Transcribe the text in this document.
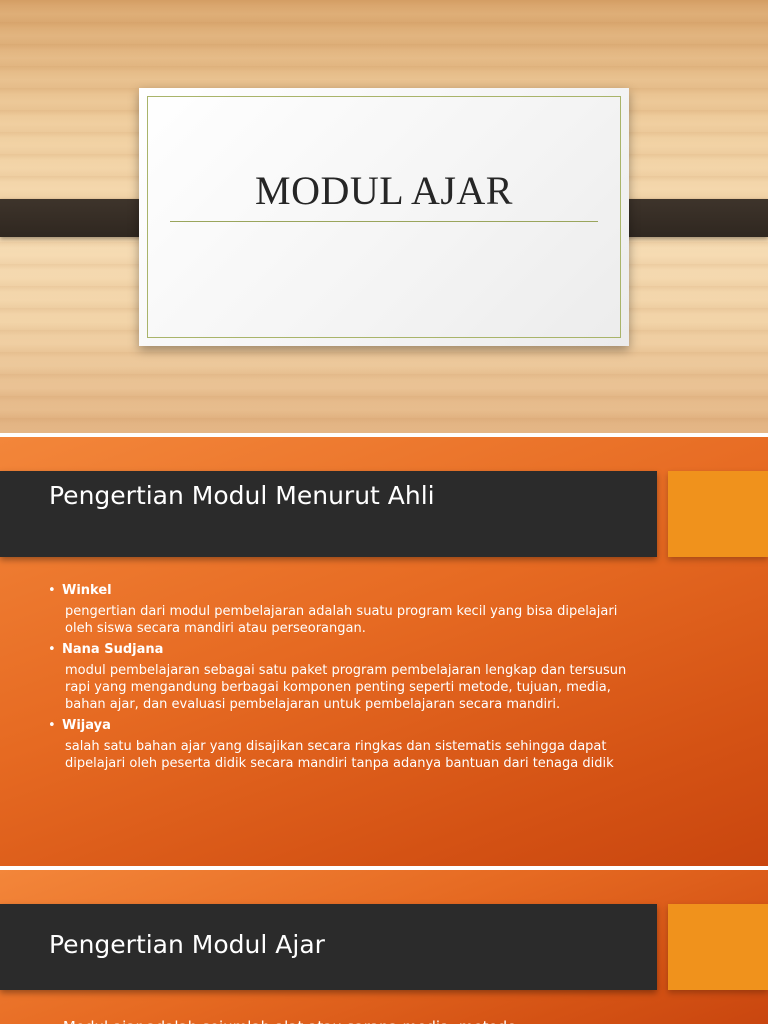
MODUL AJAR
Pengertian Modul Menurut Ahli
• Winkel
pengertian dari modul pembelajaran adalah suatu program kecil yang bisa dipelajari oleh siswa secara mandiri atau perseorangan.
• Nana Sudjana
modul pembelajaran sebagai satu paket program pembelajaran lengkap dan tersusun rapi yang mengandung berbagai komponen penting seperti metode, tujuan, media, bahan ajar, dan evaluasi pembelajaran untuk pembelajaran secara mandiri.
• Wijaya
salah satu bahan ajar yang disajikan secara ringkas dan sistematis sehingga dapat dipelajari oleh peserta didik secara mandiri tanpa adanya bantuan dari tenaga didik
Pengertian Modul Ajar
• Modul ajar adalah sejumlah alat atau sarana media, metode
